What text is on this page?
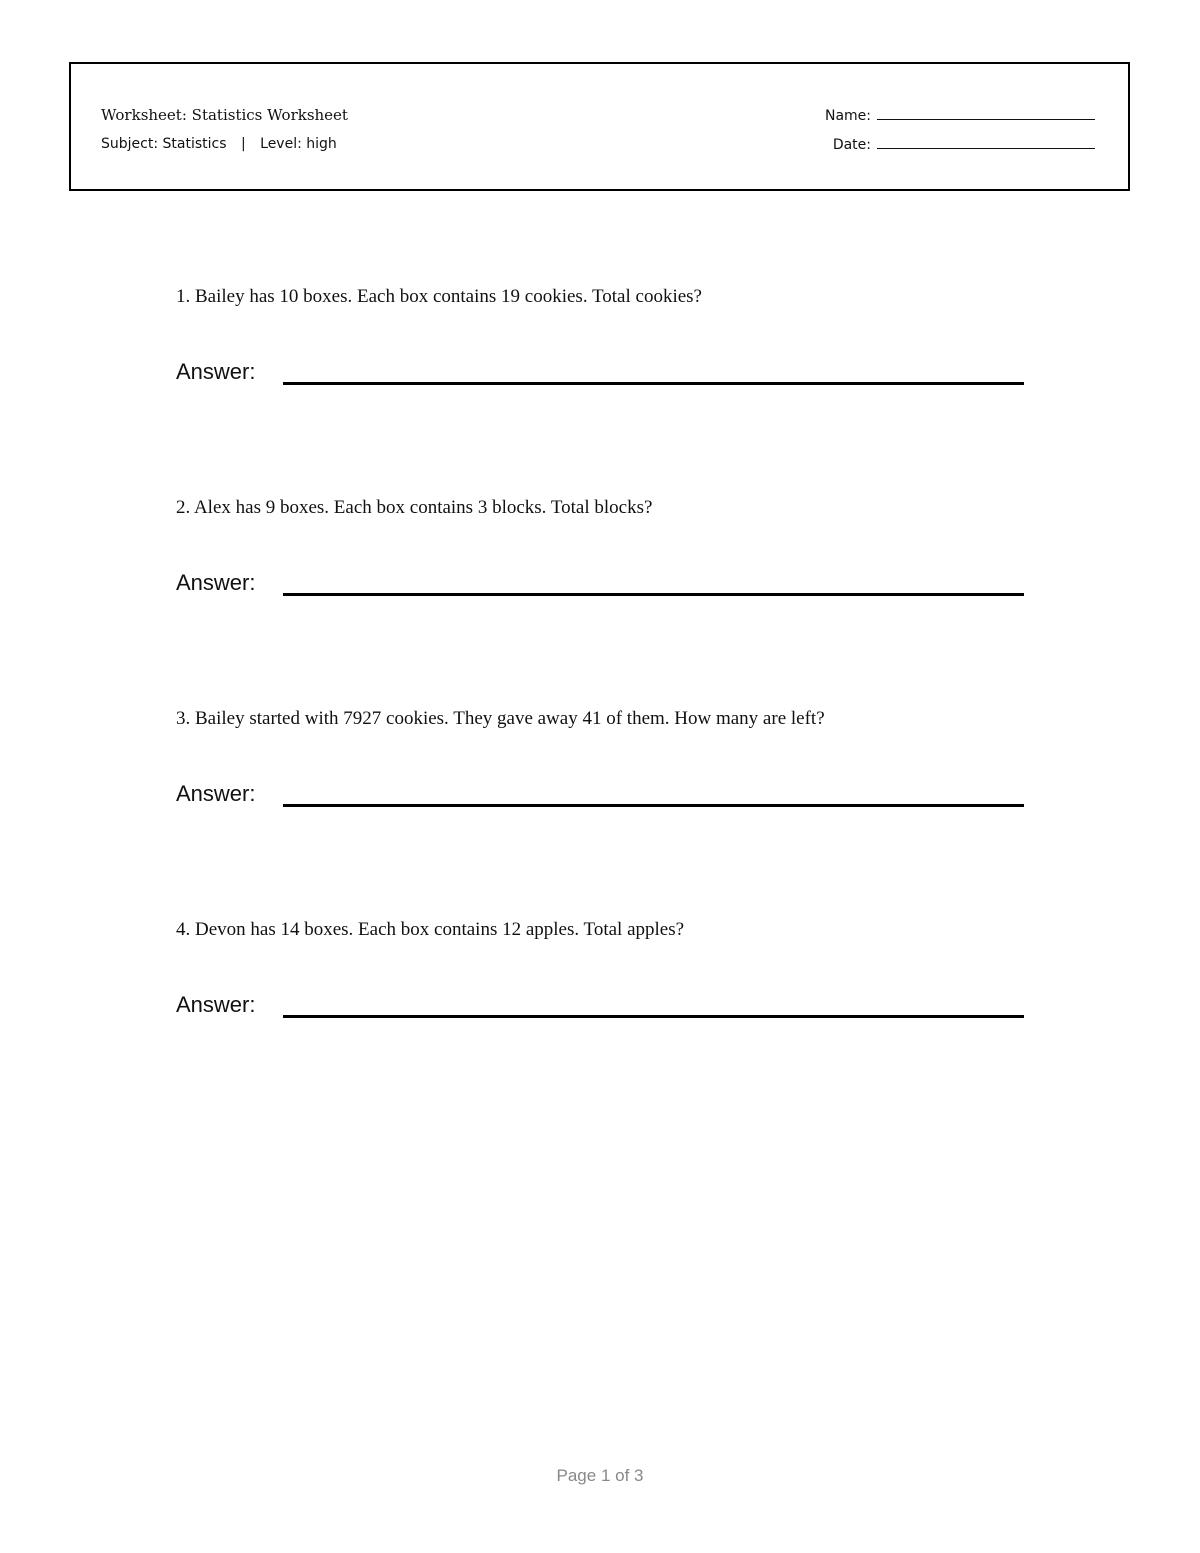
Worksheet: Statistics Worksheet
Subject: Statistics | Level: high
Name:
Date:
1. Bailey has 10 boxes. Each box contains 19 cookies. Total cookies?
Answer:
2. Alex has 9 boxes. Each box contains 3 blocks. Total blocks?
Answer:
3. Bailey started with 7927 cookies. They gave away 41 of them. How many are left?
Answer:
4. Devon has 14 boxes. Each box contains 12 apples. Total apples?
Answer:
Page 1 of 3
